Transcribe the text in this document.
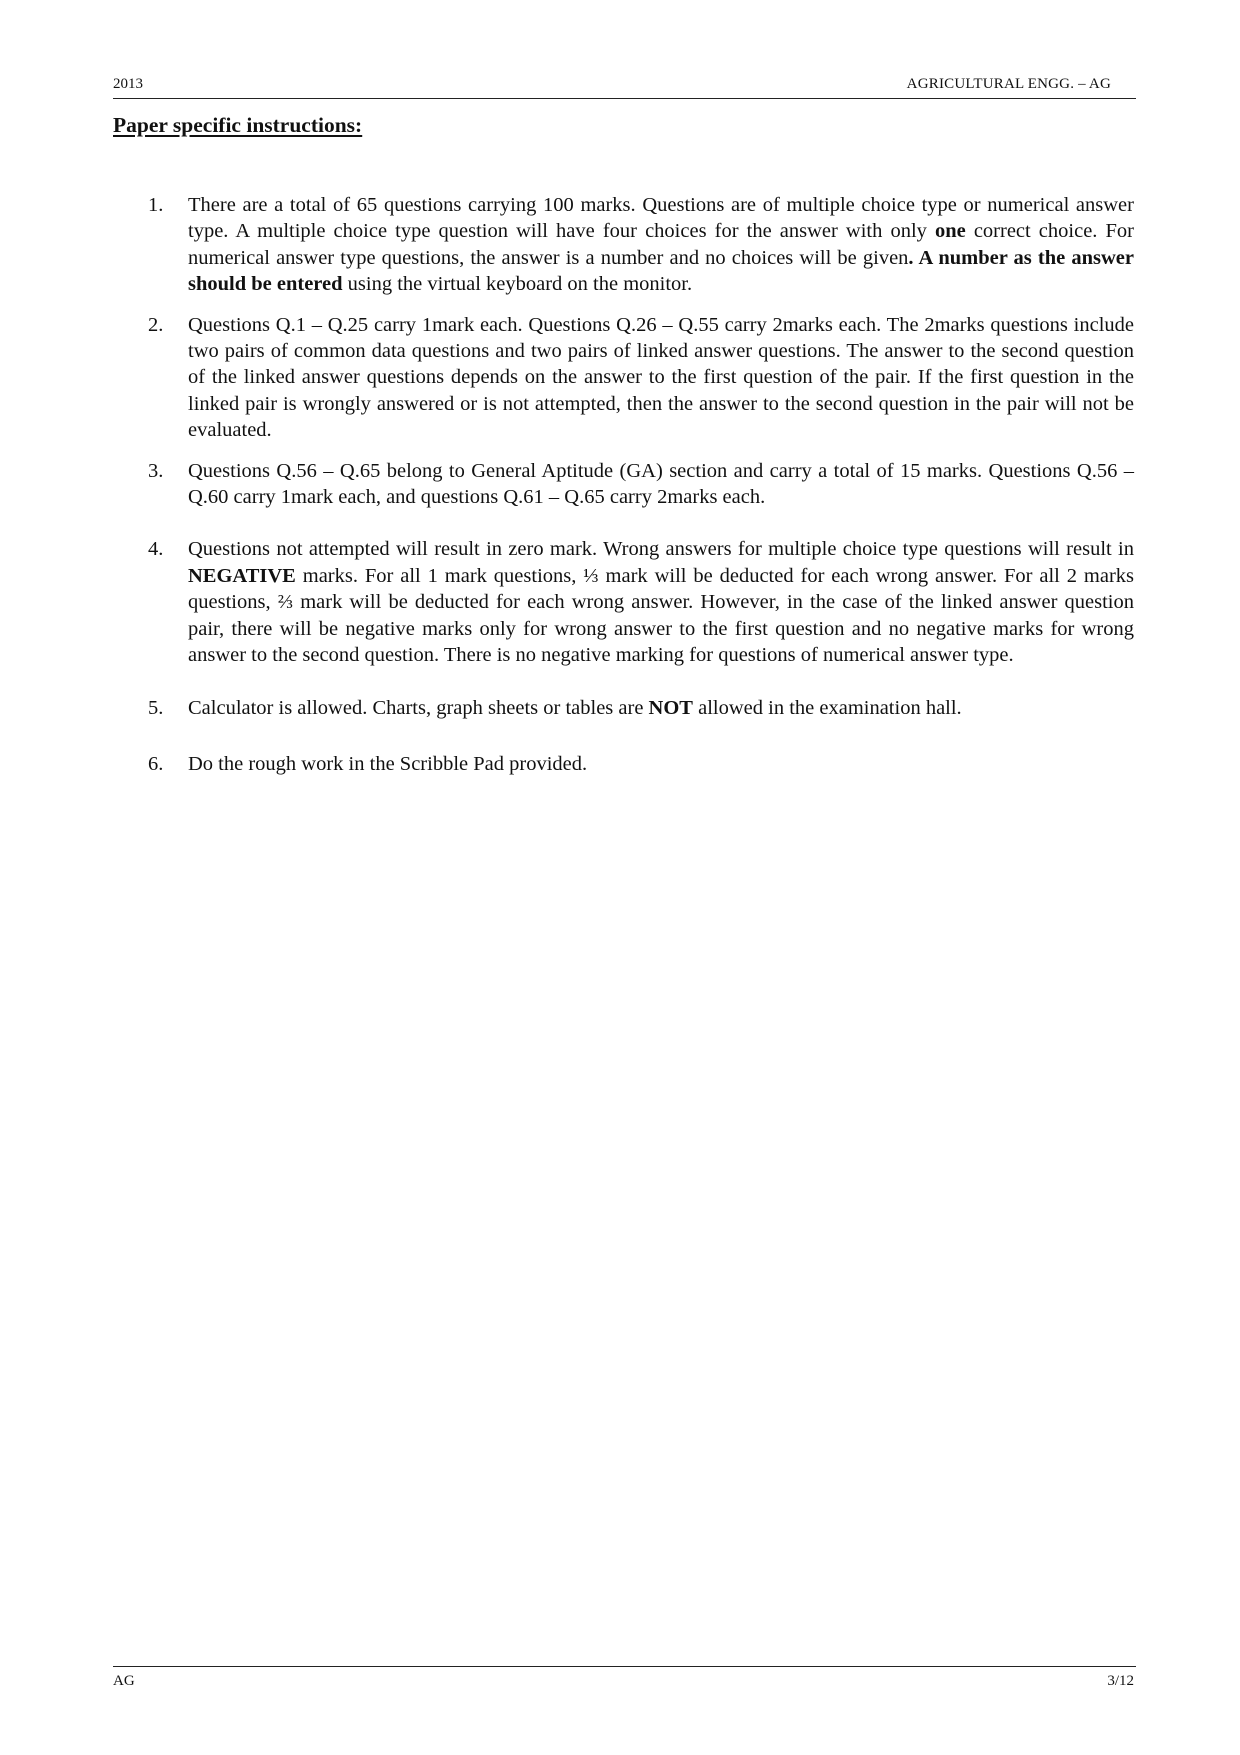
2013	AGRICULTURAL ENGG. – AG
Paper specific instructions:
1. There are a total of 65 questions carrying 100 marks. Questions are of multiple choice type or numerical answer type. A multiple choice type question will have four choices for the answer with only one correct choice. For numerical answer type questions, the answer is a number and no choices will be given. A number as the answer should be entered using the virtual keyboard on the monitor.
2. Questions Q.1 – Q.25 carry 1mark each. Questions Q.26 – Q.55 carry 2marks each. The 2marks questions include two pairs of common data questions and two pairs of linked answer questions. The answer to the second question of the linked answer questions depends on the answer to the first question of the pair. If the first question in the linked pair is wrongly answered or is not attempted, then the answer to the second question in the pair will not be evaluated.
3. Questions Q.56 – Q.65 belong to General Aptitude (GA) section and carry a total of 15 marks. Questions Q.56 – Q.60 carry 1mark each, and questions Q.61 – Q.65 carry 2marks each.
4. Questions not attempted will result in zero mark. Wrong answers for multiple choice type questions will result in NEGATIVE marks. For all 1 mark questions, ⅓ mark will be deducted for each wrong answer. For all 2 marks questions, ⅔ mark will be deducted for each wrong answer. However, in the case of the linked answer question pair, there will be negative marks only for wrong answer to the first question and no negative marks for wrong answer to the second question. There is no negative marking for questions of numerical answer type.
5. Calculator is allowed. Charts, graph sheets or tables are NOT allowed in the examination hall.
6. Do the rough work in the Scribble Pad provided.
AG	3/12
